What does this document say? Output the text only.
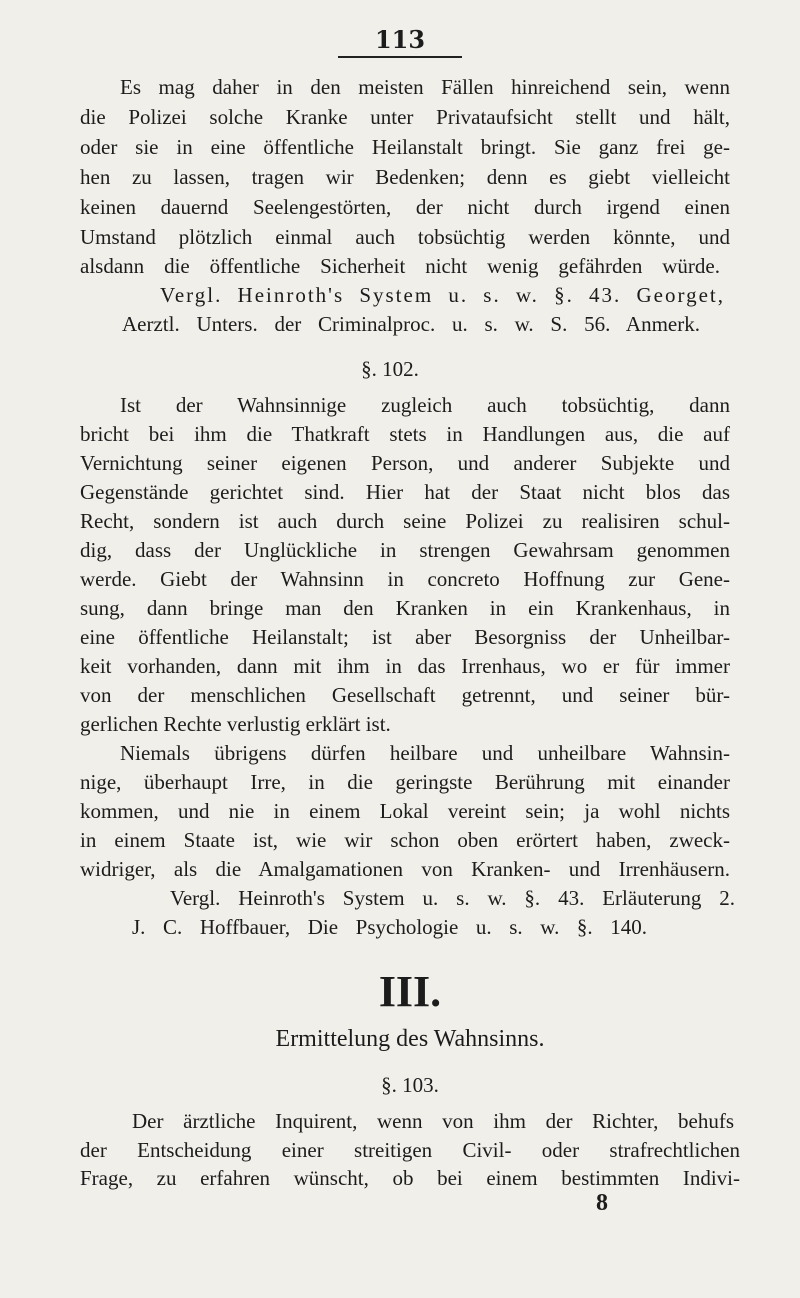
113
Es mag daher in den meisten Fällen hinreichend sein, wenn
die Polizei solche Kranke unter Privataufsicht stellt und hält,
oder sie in eine öffentliche Heilanstalt bringt. Sie ganz frei ge-
hen zu lassen, tragen wir Bedenken; denn es giebt vielleicht
keinen dauernd Seelengestörten, der nicht durch irgend einen
Umstand plötzlich einmal auch tobsüchtig werden könnte, und
alsdann die öffentliche Sicherheit nicht wenig gefährden würde.
Vergl. Heinroth's System u. s. w. §. 43. Georget,
Aerztl. Unters. der Criminalproc. u. s. w. S. 56. Anmerk.
§. 102.
Ist der Wahnsinnige zugleich auch tobsüchtig, dann
bricht bei ihm die Thatkraft stets in Handlungen aus, die auf
Vernichtung seiner eigenen Person, und anderer Subjekte und
Gegenstände gerichtet sind. Hier hat der Staat nicht blos das
Recht, sondern ist auch durch seine Polizei zu realisiren schul-
dig, dass der Unglückliche in strengen Gewahrsam genommen
werde. Giebt der Wahnsinn in concreto Hoffnung zur Gene-
sung, dann bringe man den Kranken in ein Krankenhaus, in
eine öffentliche Heilanstalt; ist aber Besorgniss der Unheilbar-
keit vorhanden, dann mit ihm in das Irrenhaus, wo er für immer
von der menschlichen Gesellschaft getrennt, und seiner bür-
gerlichen Rechte verlustig erklärt ist.
Niemals übrigens dürfen heilbare und unheilbare Wahnsin-
nige, überhaupt Irre, in die geringste Berührung mit einander
kommen, und nie in einem Lokal vereint sein; ja wohl nichts
in einem Staate ist, wie wir schon oben erörtert haben, zweck-
widriger, als die Amalgamationen von Kranken- und Irrenhäusern.
Vergl. Heinroth's System u. s. w. §. 43. Erläuterung 2.
J. C. Hoffbauer, Die Psychologie u. s. w. §. 140.
III.
Ermittelung des Wahnsinns.
§. 103.
Der ärztliche Inquirent, wenn von ihm der Richter, behufs
der Entscheidung einer streitigen Civil- oder strafrechtlichen
Frage, zu erfahren wünscht, ob bei einem bestimmten Indivi-
8
